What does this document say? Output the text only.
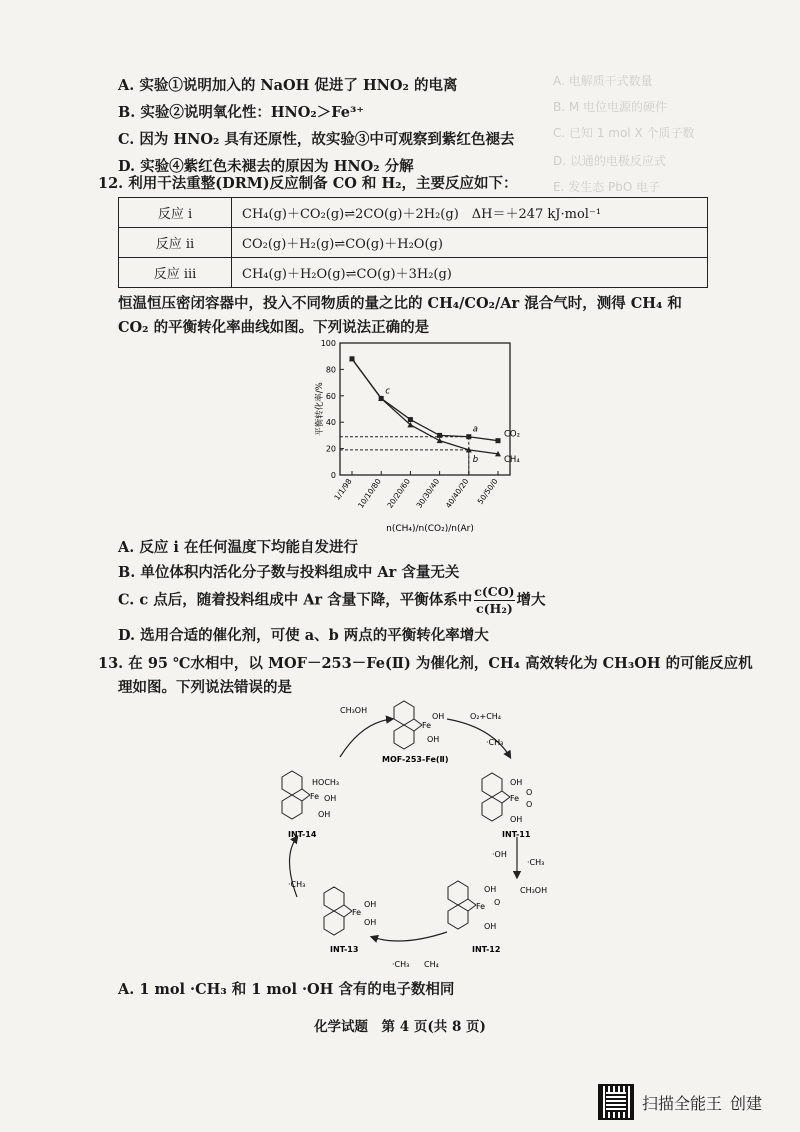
A. 电解质干式数量
B. M 电位电源的硬件
C. 已知 1 mol X 个质子数
D. 以通的电极反应式
E. 发生态 PbO 电子
A. 实验①说明加入的 NaOH 促进了 HNO₂ 的电离
B. 实验②说明氧化性：HNO₂＞Fe³⁺
C. 因为 HNO₂ 具有还原性，故实验③中可观察到紫红色褪去
D. 实验④紫红色未褪去的原因为 HNO₂ 分解
12. 利用干法重整(DRM)反应制备 CO 和 H₂，主要反应如下：
反应 i	CH₄(g)＋CO₂(g)⇌2CO(g)＋2H₂(g)　ΔH＝＋247 kJ·mol⁻¹
反应 ii	CO₂(g)＋H₂(g)⇌CO(g)＋H₂O(g)
反应 iii	CH₄(g)＋H₂O(g)⇌CO(g)＋3H₂(g)
恒温恒压密闭容器中，投入不同物质的量之比的 CH₄/CO₂/Ar 混合气时，测得 CH₄ 和
CO₂ 的平衡转化率曲线如图。下列说法正确的是
平衡转化率/%
n(CH₄)/n(CO₂)/n(Ar)
0
20
40
60
80
100
1/1/98 10/10/80 20/20/60 30/30/40 40/40/20 50/50/0
CO₂
CH₄
a
b
c
A. 反应 i 在任何温度下均能自发进行
B. 单位体积内活化分子数与投料组成中 Ar 含量无关
C. c 点后，随着投料组成中 Ar 含量下降，平衡体系中 $\frac{c(CO)}{\text{c(H₂)}}$ 增大
D. 选用合适的催化剂，可使 a、b 两点的平衡转化率增大
13. 在 95 ℃水相中，以 MOF－253－Fe(Ⅱ) 为催化剂，CH₄ 高效转化为 CH₃OH 的可能反应机
理如图。下列说法错误的是
Fe
OH
OH
MOF-253-Fe(Ⅱ)
CH₃OH
O₂+CH₄
·CH₃
Fe
OH
O
O
OH
INT-11
·OH
·CH₃
CH₃OH
Fe
OH
O
OH
INT-12
Fe
OH
OH
INT-13
·CH₃ CH₄
·CH₃
Fe
HOCH₃
OH
OH
INT-14
A. 1 mol ·CH₃ 和 1 mol ·OH 含有的电子数相同
化学试题　第 4 页(共 8 页)
扫描全能王 创建
